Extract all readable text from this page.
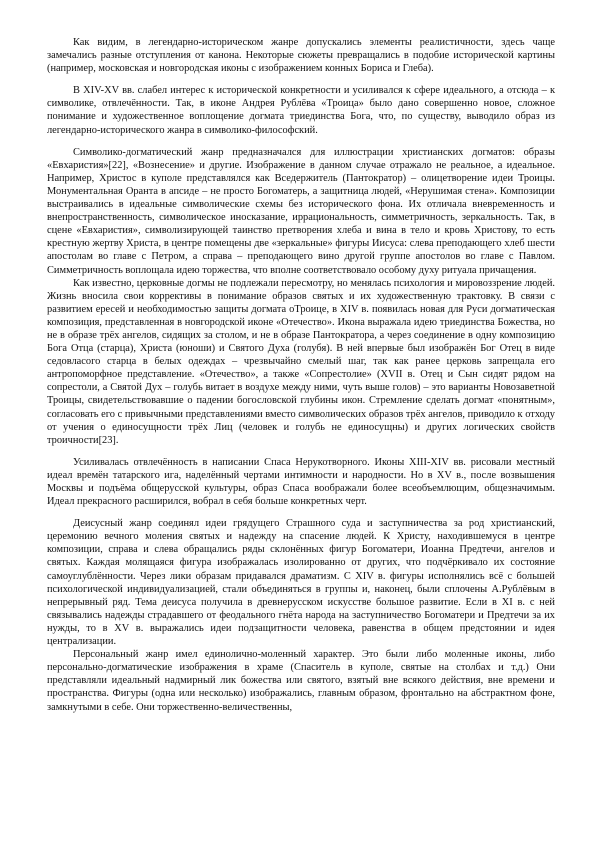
Как видим, в легендарно-историческом жанре допускались элементы реалистичности, здесь чаще замечались разные отступления от канона. Некоторые сюжеты превращались в подобие исторической картины (например, московская и новгородская иконы с изображением конных Бориса и Глеба).

В XIV-XV вв. слабел интерес к исторической конкретности и усиливался к сфере идеального, а отсюда – к символике, отвлечённости. Так, в иконе Андрея Рублёва «Троица» было дано совершенно новое, сложное понимание и художественное воплощение догмата триединства Бога, что, по существу, выводило образ из легендарно-исторического жанра в символико-философский.

Символико-догматический жанр предназначался для иллюстрации христианских догматов: образы «Евхаристия»[22], «Вознесение» и другие. Изображение в данном случае отражало не реальное, а идеальное. Например, Христос в куполе представлялся как Вседержитель (Пантократор) – олицетворение идеи Троицы. Монументальная Оранта в апсиде – не просто Богоматерь, а защитница людей, «Нерушимая стена». Композиции выстраивались в идеальные символические схемы без исторического фона. Их отличала вневременность и внепространственность, символическое иносказание, иррациональность, симметричность, зеркальность. Так, в сцене «Евхаристия», символизирующей таинство претворения хлеба и вина в тело и кровь Христову, то есть крестную жертву Христа, в центре помещены две «зеркальные» фигуры Иисуса: слева преподающего хлеб шести апостолам во главе с Петром, а справа – преподающего вино другой группе апостолов во главе с Павлом. Симметричность воплощала идею торжества, что вполне соответствовало особому духу ритуала причащения.

Как известно, церковные догмы не подлежали пересмотру, но менялась психология и мировоззрение людей. Жизнь вносила свои коррективы в понимание образов святых и их художественную трактовку. В связи с развитием ересей и необходимостью защиты догмата оТроице, в XIV в. появилась новая для Руси догматическая композиция, представленная в новгородской иконе «Отечество». Икона выражала идею триединства Божества, но не в образе трёх ангелов, сидящих за столом, и не в образе Пантократора, а через соединение в одну композицию Бога Отца (старца), Христа (юноши) и Святого Духа (голубя). В ней впервые был изображён Бог Отец в виде седовласого старца в белых одеждах – чрезвычайно смелый шаг, так как ранее церковь запрещала его антропоморфное представление. «Отечество», а также «Сопрестолие» (XVII в. Отец и Сын сидят рядом на сопрестоли, а Святой Дух – голубь витает в воздухе между ними, чуть выше голов) – это варианты Новозаветной Троицы, свидетельствовавшие о падении богословской глубины икон. Стремление сделать догмат «понятным», согласовать его с привычными представлениями вместо символических образов трёх ангелов, приводило к отходу от учения о единосущности трёх Лиц (человек и голубь не единосущны) и других логических свойств троичности[23].

Усиливалась отвлечённость в написании Спаса Нерукотворного. Иконы XIII-XIV вв. рисовали местный идеал времён татарского ига, наделённый чертами интимности и народности. Но в XV в., после возвышения Москвы и подъёма общерусской культуры, образ Спаса воображали более всеобъемлющим, общезначимым. Идеал прекрасного расширился, вобрал в себя больше конкретных черт.

Деисусный жанр соединял идеи грядущего Страшного суда и заступничества за род христианский, церемонию вечного моления святых и надежду на спасение людей. К Христу, находившемуся в центре композиции, справа и слева обращались ряды склонённых фигур Богоматери, Иоанна Предтечи, ангелов и святых. Каждая молящаяся фигура изображалась изолированно от других, что подчёркивало их состояние самоуглублённости. Через лики образам придавался драматизм. С XIV в. фигуры исполнялись всё с большей психологической индивидуализацией, стали объединяться в группы и, наконец, были сплочены А.Рублёвым в непрерывный ряд. Тема деисуса получила в древнерусском искусстве большое развитие. Если в XI в. с ней связывались надежды страдавшего от феодального гнёта народа на заступничество Богоматери и Предтечи за их нужды, то в XV в. выражались идеи подзащитности человека, равенства в общем предстоянии и идея централизации.

Персональный жанр имел единолично-моленный характер. Это были либо моленные иконы, либо персонально-догматические изображения в храме (Спаситель в куполе, святые на столбах и т.д.) Они представляли идеальный надмирный лик божества или святого, взятый вне всякого действия, вне времени и пространства. Фигуры (одна или несколько) изображались, главным образом, фронтально на абстрактном фоне, замкнутыми в себе. Они торжественно-величественны,
